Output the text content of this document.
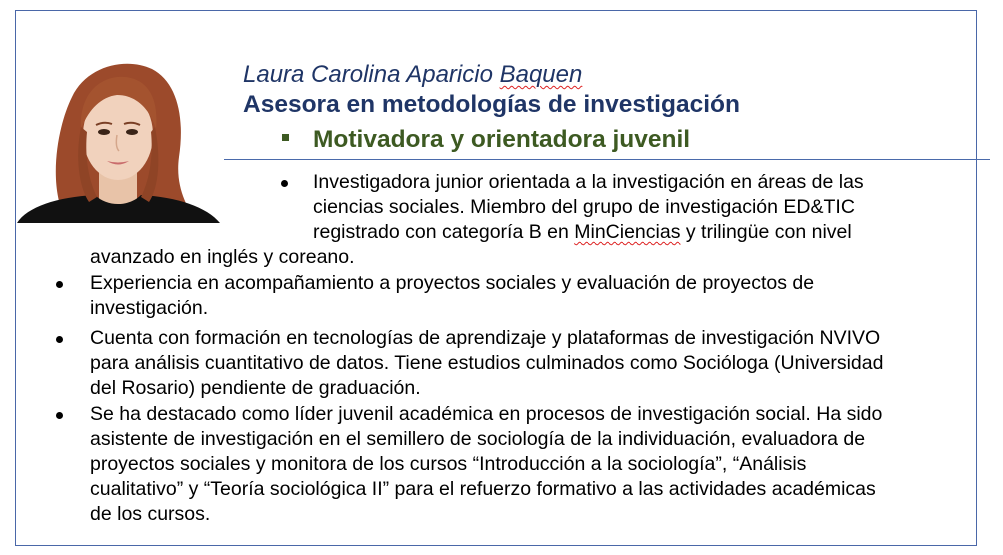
Laura Carolina Aparicio Baquen
Asesora en metodologías de investigación
Motivadora y orientadora juvenil
Investigadora junior orientada a la investigación en áreas de las
ciencias sociales. Miembro del grupo de investigación ED&TIC
registrado con categoría B en MinCiencias y trilingüe con nivel
avanzado en inglés y coreano.
Experiencia en acompañamiento a proyectos sociales y evaluación de proyectos de
investigación.
Cuenta con formación en tecnologías de aprendizaje y plataformas de investigación NVIVO
para análisis cuantitativo de datos. Tiene estudios culminados como Socióloga (Universidad
del Rosario) pendiente de graduación.
Se ha destacado como líder juvenil académica en procesos de investigación social. Ha sido
asistente de investigación en el semillero de sociología de la individuación, evaluadora de
proyectos sociales y monitora de los cursos “Introducción a la sociología”, “Análisis
cualitativo” y “Teoría sociológica II” para el refuerzo formativo a las actividades académicas
de los cursos.
